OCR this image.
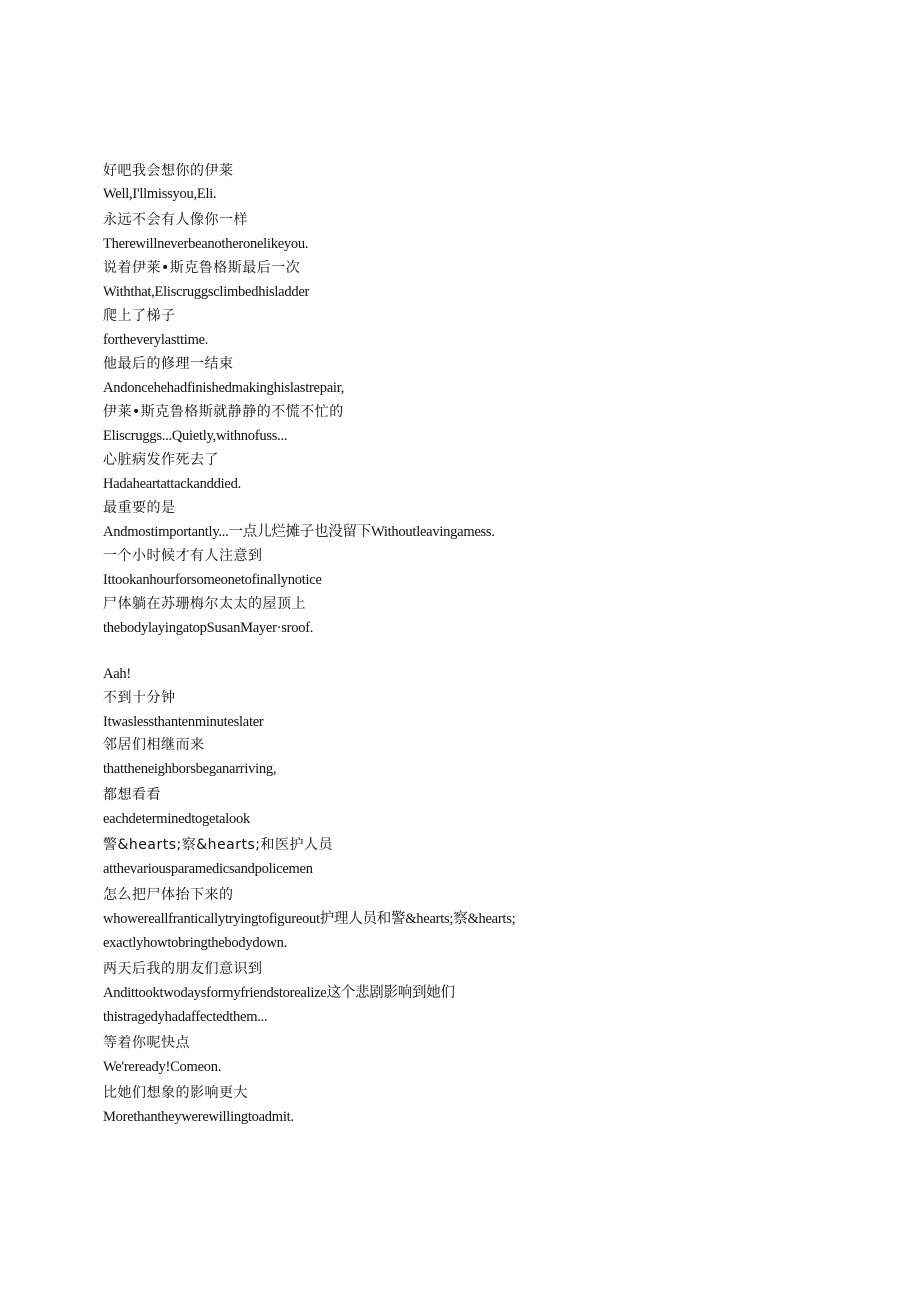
好吧我会想你的伊莱
Well,I'llmissyou,Eli.
永远不会有人像你一样
Therewillneverbeanotheronelikeyou.
说着伊莱•斯克鲁格斯最后一次
Withthat,Eliscruggsclimbedhisladder
爬上了梯子
fortheverylasttime.
他最后的修理一结束
Andoncehehadfinishedmakinghislastrepair,
伊莱•斯克鲁格斯就静静的不慌不忙的
Eliscruggs...Quietly,withnofuss...
心脏病发作死去了
Hadaheartattackanddied.
最重要的是
Andmostimportantly...一点儿烂摊子也没留下Withoutleavingamess.
一个小时候才有人注意到
Ittookanhourforsomeonetofinallynotice
尸体躺在苏珊梅尔太太的屋顶上
thebodylayingatopSusanMayer·sroof.
Aah!
不到十分钟
Itwaslessthantenminuteslater
邻居们相继而来
thattheneighborsbeganarriving,
都想看看
eachdeterminedtogetalook
警&hearts;察&hearts;和医护人员
atthevariousparamedicsandpolicemen
怎么把尸体抬下来的
whowereallfranticallytryingtofigureout护理人员和警&hearts;察&hearts;
exactlyhowtobringthebodydown.
两天后我的朋友们意识到
Andittooktwodaysformyfriendstorealize这个悲剧影响到她们
thistragedyhadaffectedthem...
等着你呢快点
We'reready!Comeon.
比她们想象的影响更大
Morethantheywerewillingtoadmit.
